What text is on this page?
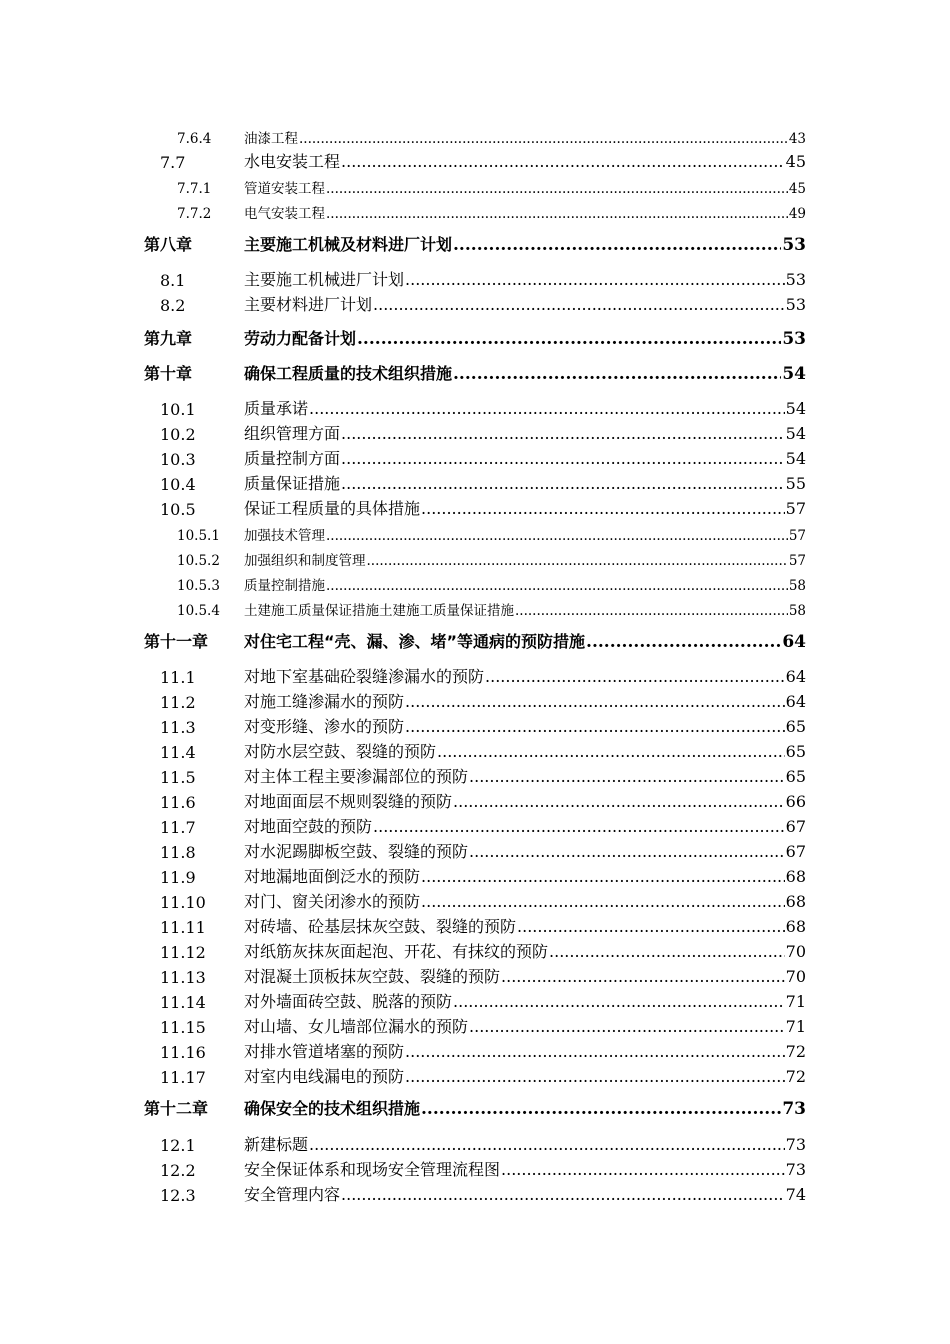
7.6.4 油漆工程 .....	43
7.7	水电安装工程 .....	45
7.7.1 管道安装工程 .....	45
7.7.2 电气安装工程 .....	49
第八章	主要施工机械及材料进厂计划 .....	53
8.1	主要施工机械进厂计划 .....	53
8.2	主要材料进厂计划 .....	53
第九章	劳动力配备计划 .....	53
第十章	确保工程质量的技术组织措施 .....	54
10.1	质量承诺 .....	54
10.2	组织管理方面 .....	54
10.3	质量控制方面 .....	54
10.4	质量保证措施 .....	55
10.5	保证工程质量的具体措施 .....	57
10.5.1 加强技术管理 .....	57
10.5.2 加强组织和制度管理 .....	57
10.5.3 质量控制措施 .....	58
10.5.4 土建施工质量保证措施土建施工质量保证措施 .....	58
第十一章 对住宅工程“壳、漏、渗、堵”等通病的预防措施 .....	64
11.1	对地下室基础砼裂缝渗漏水的预防 .....	64
11.2	对施工缝渗漏水的预防 .....	64
11.3	对变形缝、渗水的预防 .....	65
11.4	对防水层空鼓、裂缝的预防 .....	65
11.5	对主体工程主要渗漏部位的预防 .....	65
11.6	对地面面层不规则裂缝的预防 .....	66
11.7	对地面空鼓的预防 .....	67
11.8	对水泥踢脚板空鼓、裂缝的预防 .....	67
11.9	对地漏地面倒泛水的预防 .....	68
11.10 对门、窗关闭渗水的预防 .....	68
11.11 对砖墙、砼基层抹灰空鼓、裂缝的预防 .....	68
11.12 对纸筋灰抹灰面起泡、开花、有抹纹的预防 .....	70
11.13 对混凝土顶板抹灰空鼓、裂缝的预防 .....	70
11.14 对外墙面砖空鼓、脱落的预防 .....	71
11.15 对山墙、女儿墙部位漏水的预防 .....	71
11.16 对排水管道堵塞的预防 .....	72
11.17 对室内电线漏电的预防 .....	72
第十二章 确保安全的技术组织措施 .....	73
12.1	新建标题 .....	73
12.2	安全保证体系和现场安全管理流程图 .....	73
12.3	安全管理内容 .....	74
